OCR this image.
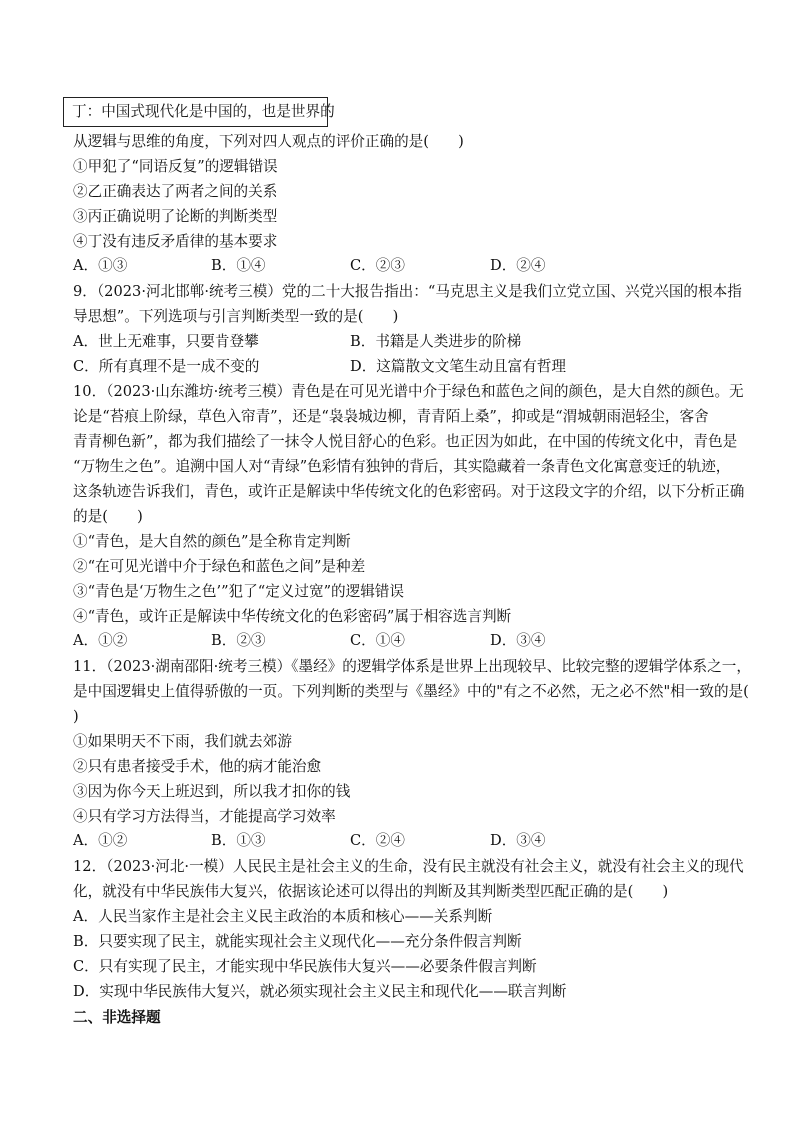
丁：中国式现代化是中国的，也是世界的
从逻辑与思维的角度，下列对四人观点的评价正确的是(　　)
①甲犯了“同语反复”的逻辑错误
②乙正确表达了两者之间的关系
③丙正确说明了论断的判断类型
④丁没有违反矛盾律的基本要求
A．①③	B．①④	C．②③	D．②④
9．（2023·河北邯郸·统考三模）党的二十大报告指出：“马克思主义是我们立党立国、兴党兴国的根本指
导思想”。下列选项与引言判断类型一致的是(　　)
A．世上无难事，只要肯登攀	B．书籍是人类进步的阶梯
C．所有真理不是一成不变的	D．这篇散文文笔生动且富有哲理
10．（2023·山东潍坊·统考三模）青色是在可见光谱中介于绿色和蓝色之间的颜色，是大自然的颜色。无
论是“苔痕上阶绿，草色入帘青”，还是“袅袅城边柳，青青陌上桑”，抑或是“渭城朝雨浥轻尘，客舍
青青柳色新”，都为我们描绘了一抹令人悦目舒心的色彩。也正因为如此，在中国的传统文化中，青色是
“万物生之色”。追溯中国人对“青绿”色彩情有独钟的背后，其实隐藏着一条青色文化寓意变迁的轨迹，
这条轨迹告诉我们，青色，或许正是解读中华传统文化的色彩密码。对于这段文字的介绍，以下分析正确
的是(　　)
①“青色，是大自然的颜色”是全称肯定判断
②“在可见光谱中介于绿色和蓝色之间”是种差
③“青色是‘万物生之色’”犯了“定义过宽”的逻辑错误
④“青色，或许正是解读中华传统文化的色彩密码”属于相容选言判断
A．①②	B．②③	C．①④	D．③④
11．（2023·湖南邵阳·统考三模）《墨经》的逻辑学体系是世界上出现较早、比较完整的逻辑学体系之一，
是中国逻辑史上值得骄傲的一页。下列判断的类型与《墨经》中的"有之不必然，无之必不然"相一致的是(
)
①如果明天不下雨，我们就去郊游
②只有患者接受手术，他的病才能治愈
③因为你今天上班迟到，所以我才扣你的钱
④只有学习方法得当，才能提高学习效率
A．①②	B．①③	C．②④	D．③④
12．（2023·河北·一模）人民民主是社会主义的生命，没有民主就没有社会主义，就没有社会主义的现代
化，就没有中华民族伟大复兴，依据该论述可以得出的判断及其判断类型匹配正确的是(　　)
A．人民当家作主是社会主义民主政治的本质和核心——关系判断
B．只要实现了民主，就能实现社会主义现代化——充分条件假言判断
C．只有实现了民主，才能实现中华民族伟大复兴——必要条件假言判断
D．实现中华民族伟大复兴，就必须实现社会主义民主和现代化——联言判断
二、非选择题
